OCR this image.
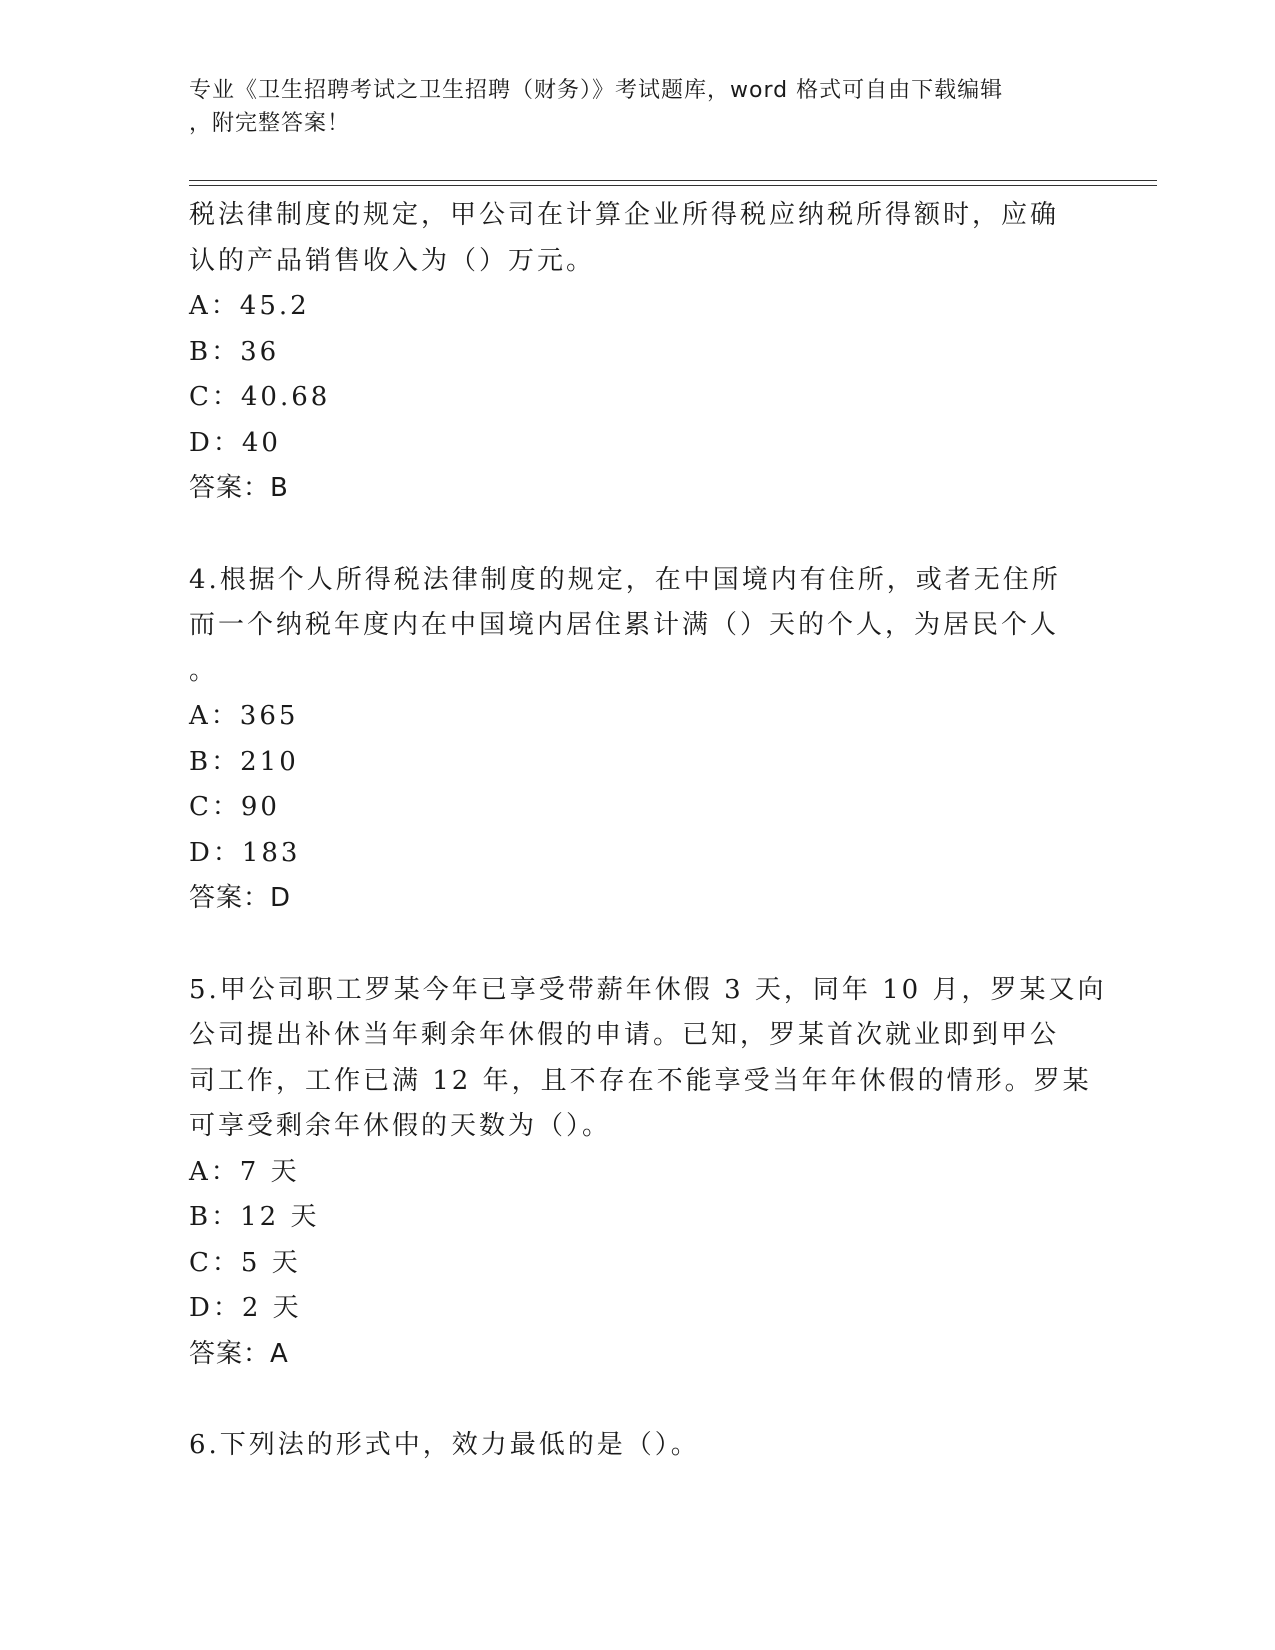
专业《卫生招聘考试之卫生招聘（财务）》考试题库，word 格式可自由下载编辑
，附完整答案！
税法律制度的规定，甲公司在计算企业所得税应纳税所得额时，应确
认的产品销售收入为（）万元。
A：45.2
B：36
C：40.68
D：40
答案：B
4.根据个人所得税法律制度的规定，在中国境内有住所，或者无住所
而一个纳税年度内在中国境内居住累计满（）天的个人，为居民个人
。
A：365
B：210
C：90
D：183
答案：D
5.甲公司职工罗某今年已享受带薪年休假 3 天，同年 10 月，罗某又向
公司提出补休当年剩余年休假的申请。已知，罗某首次就业即到甲公
司工作，工作已满 12 年，且不存在不能享受当年年休假的情形。罗某
可享受剩余年休假的天数为（）。
A：7 天
B：12 天
C：5 天
D：2 天
答案：A
6.下列法的形式中，效力最低的是（）。
